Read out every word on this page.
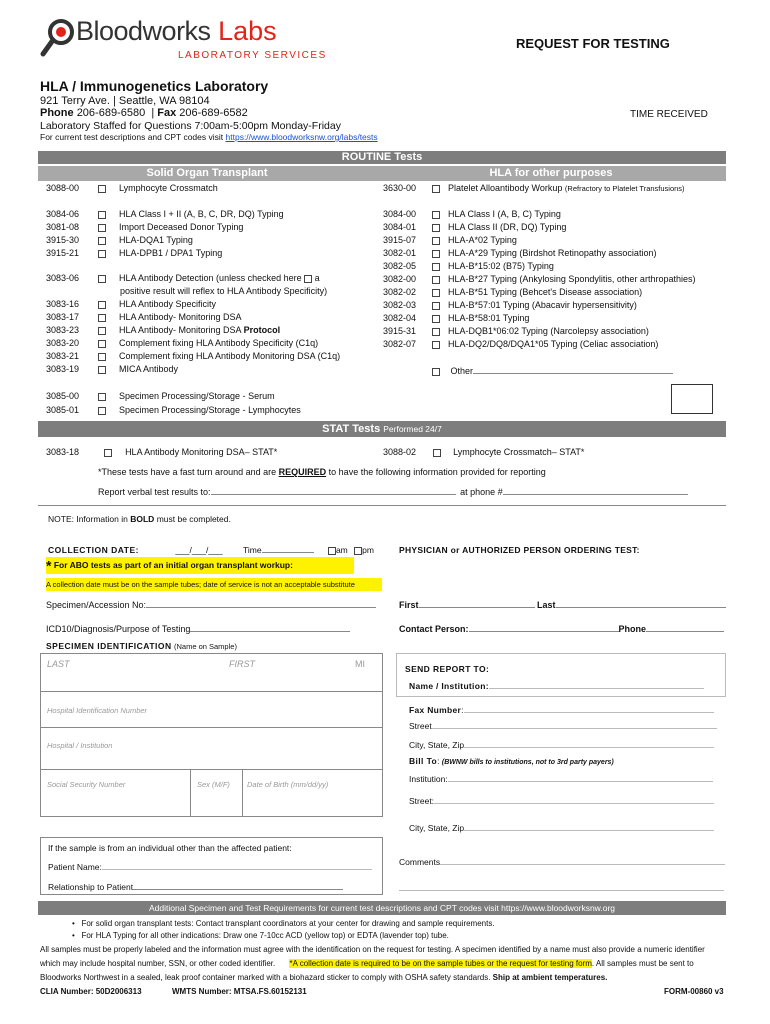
Bloodworks Labs
LABORATORY SERVICES
REQUEST FOR TESTING
HLA / Immunogenetics Laboratory
921 Terry Ave. | Seattle, WA 98104
Phone 206-689-6580  | Fax 206-689-6582	TIME RECEIVED
Laboratory Staffed for Questions 7:00am-5:00pm Monday-Friday
For current test descriptions and CPT codes visit https://www.bloodworksnw.org/labs/tests
ROUTINE Tests
Solid Organ Transplant	HLA for other purposes
3088-00	Lymphocyte Crossmatch
3084-06	HLA Class I + II (A, B, C, DR, DQ) Typing
3081-08	Import Deceased Donor Typing
3915-30	HLA-DQA1 Typing
3915-21	HLA-DPB1 / DPA1 Typing
3083-06	HLA Antibody Detection (unless checked here a
positive result will reflex to HLA Antibody Specificity)
3083-16	HLA Antibody Specificity
3083-17	HLA Antibody- Monitoring DSA
3083-23	HLA Antibody- Monitoring DSA Protocol
3083-20	Complement fixing HLA Antibody Specificity (C1q)
3083-21	Complement fixing HLA Antibody Monitoring DSA (C1q)
3083-19	MICA Antibody
3085-00	Specimen Processing/Storage - Serum
3085-01	Specimen Processing/Storage - Lymphocytes
3630-00	Platelet Alloantibody Workup (Refractory to Platelet Transfusions)
3084-00	HLA Class I (A, B, C) Typing
3084-01	HLA Class II (DR, DQ) Typing
3915-07	HLA-A*02 Typing
3082-01	HLA-A*29 Typing (Birdshot Retinopathy association)
3082-05	HLA-B*15:02 (B75) Typing
3082-00	HLA-B*27 Typing (Ankylosing Spondylitis, other arthropathies)
3082-02	HLA-B*51 Typing (Behcet's Disease association)
3082-03	HLA-B*57:01 Typing (Abacavir hypersensitivity)
3082-04	HLA-B*58:01 Typing
3915-31	HLA-DQB1*06:02 Typing (Narcolepsy association)
3082-07	HLA-DQ2/DQ8/DQA1*05 Typing (Celiac association)
Other
STAT Tests Performed 24/7
3083-18	HLA Antibody Monitoring DSA– STAT*	3088-02	Lymphocyte Crossmatch– STAT*
*These tests have a fast turn around and are REQUIRED to have the following information provided for reporting
Report verbal test results to:	at phone #
NOTE: Information in BOLD must be completed.
COLLECTION DATE:	___/___/___ Time	am pm	PHYSICIAN or AUTHORIZED PERSON ORDERING TEST:
* For ABO tests as part of an initial organ transplant workup:
A collection date must be on the sample tubes; date of service is not an acceptable substitute
Specimen/Accession No:	First	Last
ICD10/Diagnosis/Purpose of Testing	Contact Person:	Phone
SPECIMEN IDENTIFICATION (Name on Sample)
LAST	FIRST	MI
Hospital Identification Number
Hospital / Institution
Social Security Number	Sex (M/F) Date of Birth (mm/dd/yy)
SEND REPORT TO:
Name / Institution:
Fax Number:
Street
City, State, Zip
Bill To: (BWNW bills to institutions, not to 3rd party payers)
Institution:
Street:
City, State, Zip
If the sample is from an individual other than the affected patient:
Patient Name:
Relationship to Patient
Comments
Additional Specimen and Test Requirements for current test descriptions and CPT codes visit https://www.bloodworksnw.org
•   For solid organ transplant tests: Contact transplant coordinators at your center for drawing and sample requirements.
•   For HLA Typing for all other indications: Draw one 7-10cc ACD (yellow top) or EDTA (lavender top) tube.
All samples must be properly labeled and the information must agree with the identification on the request for testing. A specimen identified by a name must also provide a numeric identifier
which may include hospital number, SSN, or other coded identifier. *A collection date is required to be on the sample tubes or the request for testing form. All samples must be sent to
Bloodworks Northwest in a sealed, leak proof container marked with a biohazard sticker to comply with OSHA safety standards. Ship at ambient temperatures.
CLIA Number: 50D2006313	WMTS Number: MTSA.FS.60152131	FORM-00860 v3
